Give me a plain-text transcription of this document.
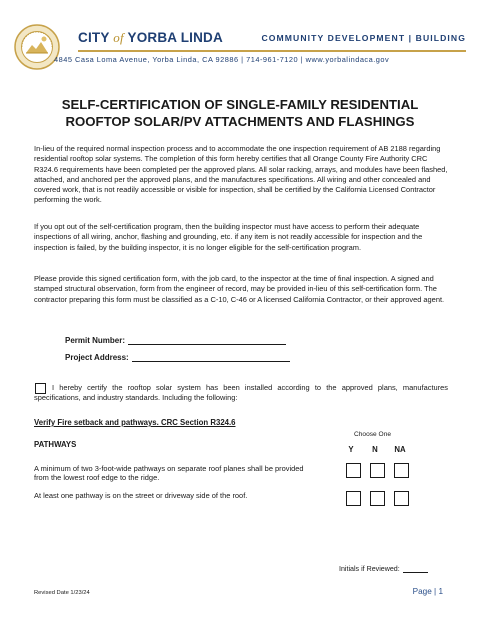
CITY of YORBA LINDA	COMMUNITY DEVELOPMENT | BUILDING
4845 Casa Loma Avenue, Yorba Linda, CA 92886 | 714-961-7120 | www.yorbalindaca.gov
SELF-CERTIFICATION OF SINGLE-FAMILY RESIDENTIAL
ROOFTOP SOLAR/PV ATTACHMENTS AND FLASHINGS

In-lieu of the required normal inspection process and to accommodate the one inspection requirement of AB 2188 regarding residential rooftop solar systems. The completion of this form hereby certifies that all Orange County Fire Authority CRC R324.6 requirements have been completed per the approved plans. All solar racking, arrays, and modules have been flashed, attached, and anchored per the approved plans, and the manufactures specifications. All wiring and other concealed and covered work, that is not readily accessible or visible for inspection, shall be certified by the California Licensed Contractor performing the work.

If you opt out of the self-certification program, then the building inspector must have access to perform their adequate inspections of all wiring, anchor, flashing and grounding, etc. if any item is not readily accessible for inspection and the inspection is failed, by the building inspector, it is no longer eligible for the self-certification program.

Please provide this signed certification form, with the job card, to the inspector at the time of final inspection. A signed and stamped structural observation, form from the engineer of record, may be provided in-lieu of this self-certification form. The contractor preparing this form must be classified as a C-10, C-46 or A licensed California Contractor, or their approved agent.

Permit Number:
Project Address:

I hereby certify the rooftop solar system has been installed according to the approved plans, manufactures specifications, and industry standards. Including the following:

Verify Fire setback and pathways. CRC Section R324.6
Choose One
PATHWAYS
Y	N	NA

A minimum of two 3-foot-wide pathways on separate roof planes shall be provided from the lowest roof edge to the ridge.

At least one pathway is on the street or driveway side of the roof.

Initials if Reviewed:
Revised Date 1/23/24	Page | 1
